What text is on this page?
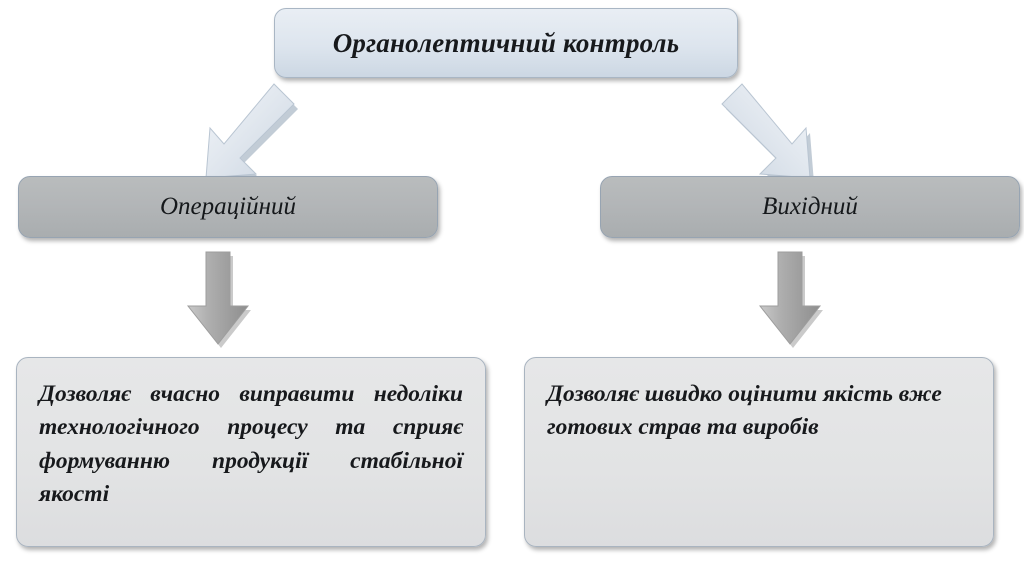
Органолептичний контроль
Операційний	Вихідний
Дозволяє вчасно виправити недоліки технологічного процесу та сприяє формуванню продукції стабільної якості
Дозволяє швидко оцінити якість вже готових страв та виробів
